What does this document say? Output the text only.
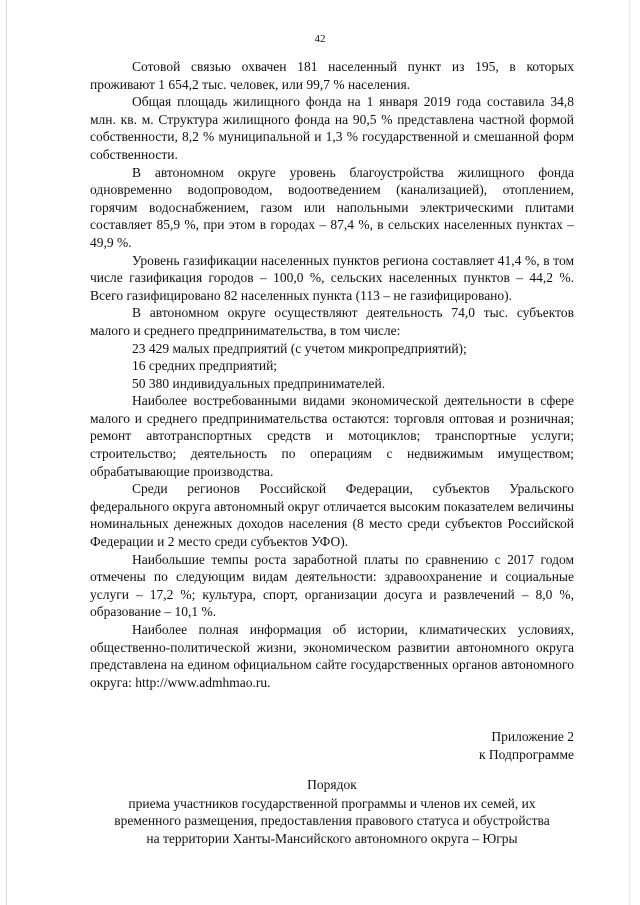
42

Сотовой связью охвачен 181 населенный пункт из 195, в которых проживают 1 654,2 тыс. человек, или 99,7 % населения.

Общая площадь жилищного фонда на 1 января 2019 года составила 34,8 млн. кв. м. Структура жилищного фонда на 90,5 % представлена частной формой собственности, 8,2 % муниципальной и 1,3 % государственной и смешанной форм собственности.

В автономном округе уровень благоустройства жилищного фонда одновременно водопроводом, водоотведением (канализацией), отоплением, горячим водоснабжением, газом или напольными электрическими плитами составляет 85,9 %, при этом в городах – 87,4 %, в сельских населенных пунктах – 49,9 %.

Уровень газификации населенных пунктов региона составляет 41,4 %, в том числе газификация городов – 100,0 %, сельских населенных пунктов – 44,2 %. Всего газифицировано 82 населенных пункта (113 – не газифицировано).

В автономном округе осуществляют деятельность 74,0 тыс. субъектов малого и среднего предпринимательства, в том числе:

23 429 малых предприятий (с учетом микропредприятий);

16 средних предприятий;

50 380 индивидуальных предпринимателей.

Наиболее востребованными видами экономической деятельности в сфере малого и среднего предпринимательства остаются: торговля оптовая и розничная; ремонт автотранспортных средств и мотоциклов; транспортные услуги; строительство; деятельность по операциям с недвижимым имуществом; обрабатывающие производства.

Среди регионов Российской Федерации, субъектов Уральского федерального округа автономный округ отличается высоким показателем величины номинальных денежных доходов населения (8 место среди субъектов Российской Федерации и 2 место среди субъектов УФО).

Наибольшие темпы роста заработной платы по сравнению с 2017 годом отмечены по следующим видам деятельности: здравоохранение и социальные услуги – 17,2 %; культура, спорт, организации досуга и развлечений – 8,0 %, образование – 10,1 %.

Наиболее полная информация об истории, климатических условиях, общественно-политической жизни, экономическом развитии автономного округа представлена на едином официальном сайте государственных органов автономного округа: http://www.admhmao.ru.

Приложение 2
к Подпрограмме
Порядок
приема участников государственной программы и членов их семей, их
временного размещения, предоставления правового статуса и обустройства
на территории Ханты-Мансийского автономного округа – Югры
